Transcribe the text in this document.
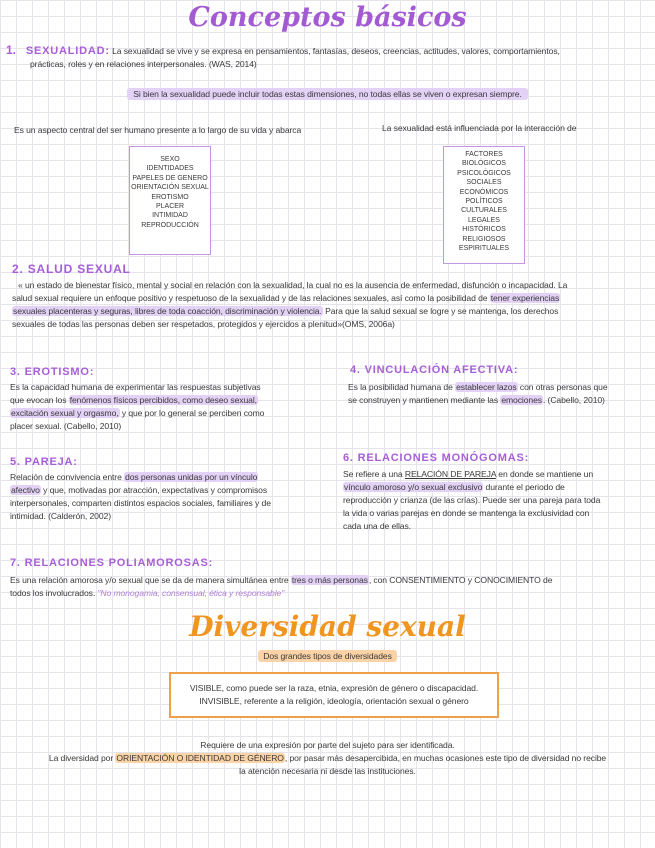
Conceptos básicos
1. SEXUALIDAD: La sexualidad se vive y se expresa en pensamientos, fantasías, deseos, creencias, actitudes, valores, comportamientos,
prácticas, roles y en relaciones interpersonales. (WAS, 2014)
Si bien la sexualidad puede incluir todas estas dimensiones, no todas ellas se viven o expresan siempre.
Es un aspecto central del ser humano presente a lo largo de su vida y abarca	La sexualidad está influenciada por la interacción de
SEXO
IDENTIDADES
PAPELES DE GENERO
ORIENTACIÓN SEXUAL
EROTISMO
PLACER
INTIMIDAD
REPRODUCCIÓN
FACTORES BIOLÓGICOS
PSICOLÓGICOS
SOCIALES
ECONÓMICOS
POLÍTICOS
CULTURALES
LEGALES
HISTÓRICOS
RELIGIOSOS
ESPIRITUALES
2. SALUD SEXUAL
« un estado de bienestar físico, mental y social en relación con la sexualidad, la cual no es la ausencia de enfermedad, disfunción o incapacidad. La
salud sexual requiere un enfoque positivo y respetuoso de la sexualidad y de las relaciones sexuales, así como la posibilidad de tener experiencias
sexuales placenteras y seguras, libres de toda coacción, discriminación y violencia. Para que la salud sexual se logre y se mantenga, los derechos
sexuales de todas las personas deben ser respetados, protegidos y ejercidos a plenitud»(OMS, 2006a)
3. EROTISMO:
Es la capacidad humana de experimentar las respuestas subjetivas
que evocan los fenómenos físicos percibidos, como deseo sexual,
excitación sexual y orgasmo, y que por lo general se perciben como
placer sexual. (Cabello, 2010)
4. VINCULACIÓN AFECTIVA:
Es la posibilidad humana de establecer lazos con otras personas que
se construyen y mantienen mediante las emociones. (Cabello, 2010)
5. PAREJA:
Relación de convivencia entre dos personas unidas por un vínculo
afectivo y que, motivadas por atracción, expectativas y compromisos
interpersonales, comparten distintos espacios sociales, familiares y de
intimidad. (Calderón, 2002)
6. RELACIONES MONÓGOMAS:
Se refiere a una RELACIÓN DE PAREJA en donde se mantiene un
vínculo amoroso y/o sexual exclusivo durante el periodo de
reproducción y crianza (de las crías). Puede ser una pareja para toda
la vida o varias parejas en donde se mantenga la exclusividad con
cada una de ellas.
7. RELACIONES POLIAMOROSAS:
Es una relación amorosa y/o sexual que se da de manera simultánea entre tres o más personas, con CONSENTIMIENTO y CONOCIMIENTO de
todos los involucrados. "No monogamia, consensual, ética y responsable"
Diversidad sexual
Dos grandes tipos de diversidades
VISIBLE, como puede ser la raza, etnia, expresión de género o discapacidad.
INVISIBLE, referente a la religión, ideología, orientación sexual o género
Requiere de una expresión por parte del sujeto para ser identificada.
La diversidad por ORIENTACIÓN O IDENTIDAD DE GÉNERO, por pasar más desapercibida, en muchas ocasiones este tipo de diversidad no recibe
la atención necesaria ni desde las instituciones.
